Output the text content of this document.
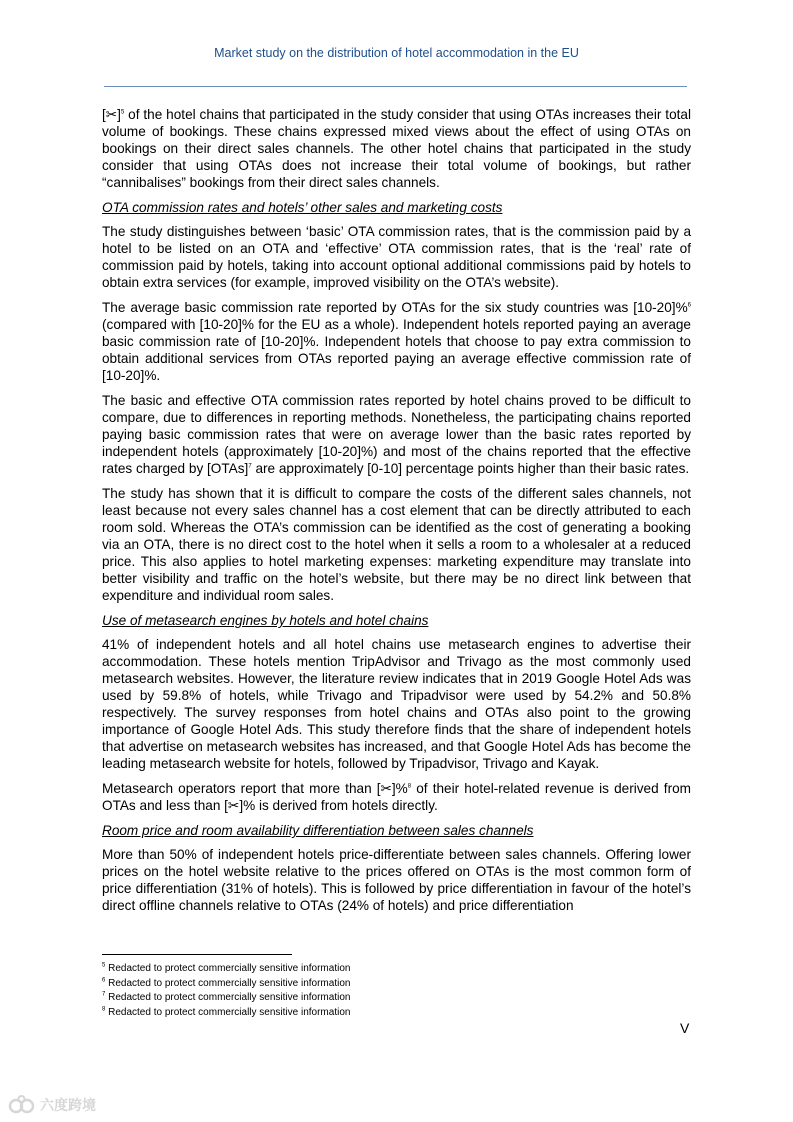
Market study on the distribution of hotel accommodation in the EU

[✂]$^5$ of the hotel chains that participated in the study consider that using OTAs increases their total volume of bookings. These chains expressed mixed views about the effect of using OTAs on bookings on their direct sales channels. The other hotel chains that participated in the study consider that using OTAs does not increase their total volume of bookings, but rather “cannibalises” bookings from their direct sales channels.

OTA commission rates and hotels’ other sales and marketing costs

The study distinguishes between ‘basic’ OTA commission rates, that is the commission paid by a hotel to be listed on an OTA and ‘effective’ OTA commission rates, that is the ‘real’ rate of commission paid by hotels, taking into account optional additional commissions paid by hotels to obtain extra services (for example, improved visibility on the OTA’s website).

The average basic commission rate reported by OTAs for the six study countries was [10-20]%$^6$ (compared with [10-20]% for the EU as a whole). Independent hotels reported paying an average basic commission rate of [10-20]%. Independent hotels that choose to pay extra commission to obtain additional services from OTAs reported paying an average effective commission rate of [10-20]%.

The basic and effective OTA commission rates reported by hotel chains proved to be difficult to compare, due to differences in reporting methods. Nonetheless, the participating chains reported paying basic commission rates that were on average lower than the basic rates reported by independent hotels (approximately [10-20]%) and most of the chains reported that the effective rates charged by [OTAs]$^7$ are approximately [0-10] percentage points higher than their basic rates.

The study has shown that it is difficult to compare the costs of the different sales channels, not least because not every sales channel has a cost element that can be directly attributed to each room sold. Whereas the OTA’s commission can be identified as the cost of generating a booking via an OTA, there is no direct cost to the hotel when it sells a room to a wholesaler at a reduced price. This also applies to hotel marketing expenses: marketing expenditure may translate into better visibility and traffic on the hotel’s website, but there may be no direct link between that expenditure and individual room sales.

Use of metasearch engines by hotels and hotel chains

41% of independent hotels and all hotel chains use metasearch engines to advertise their accommodation. These hotels mention TripAdvisor and Trivago as the most commonly used metasearch websites. However, the literature review indicates that in 2019 Google Hotel Ads was used by 59.8% of hotels, while Trivago and Tripadvisor were used by 54.2% and 50.8% respectively. The survey responses from hotel chains and OTAs also point to the growing importance of Google Hotel Ads. This study therefore finds that the share of independent hotels that advertise on metasearch websites has increased, and that Google Hotel Ads has become the leading metasearch website for hotels, followed by Tripadvisor, Trivago and Kayak.

Metasearch operators report that more than [✂]%$^8$ of their hotel-related revenue is derived from OTAs and less than [✂]% is derived from hotels directly.

Room price and room availability differentiation between sales channels

More than 50% of independent hotels price-differentiate between sales channels. Offering lower prices on the hotel website relative to the prices offered on OTAs is the most common form of price differentiation (31% of hotels). This is followed by price differentiation in favour of the hotel’s direct offline channels relative to OTAs (24% of hotels) and price differentiation

$^5$ Redacted to protect commercially sensitive information
$^6$ Redacted to protect commercially sensitive information
$^7$ Redacted to protect commercially sensitive information
$^8$ Redacted to protect commercially sensitive information
V
六度跨境
